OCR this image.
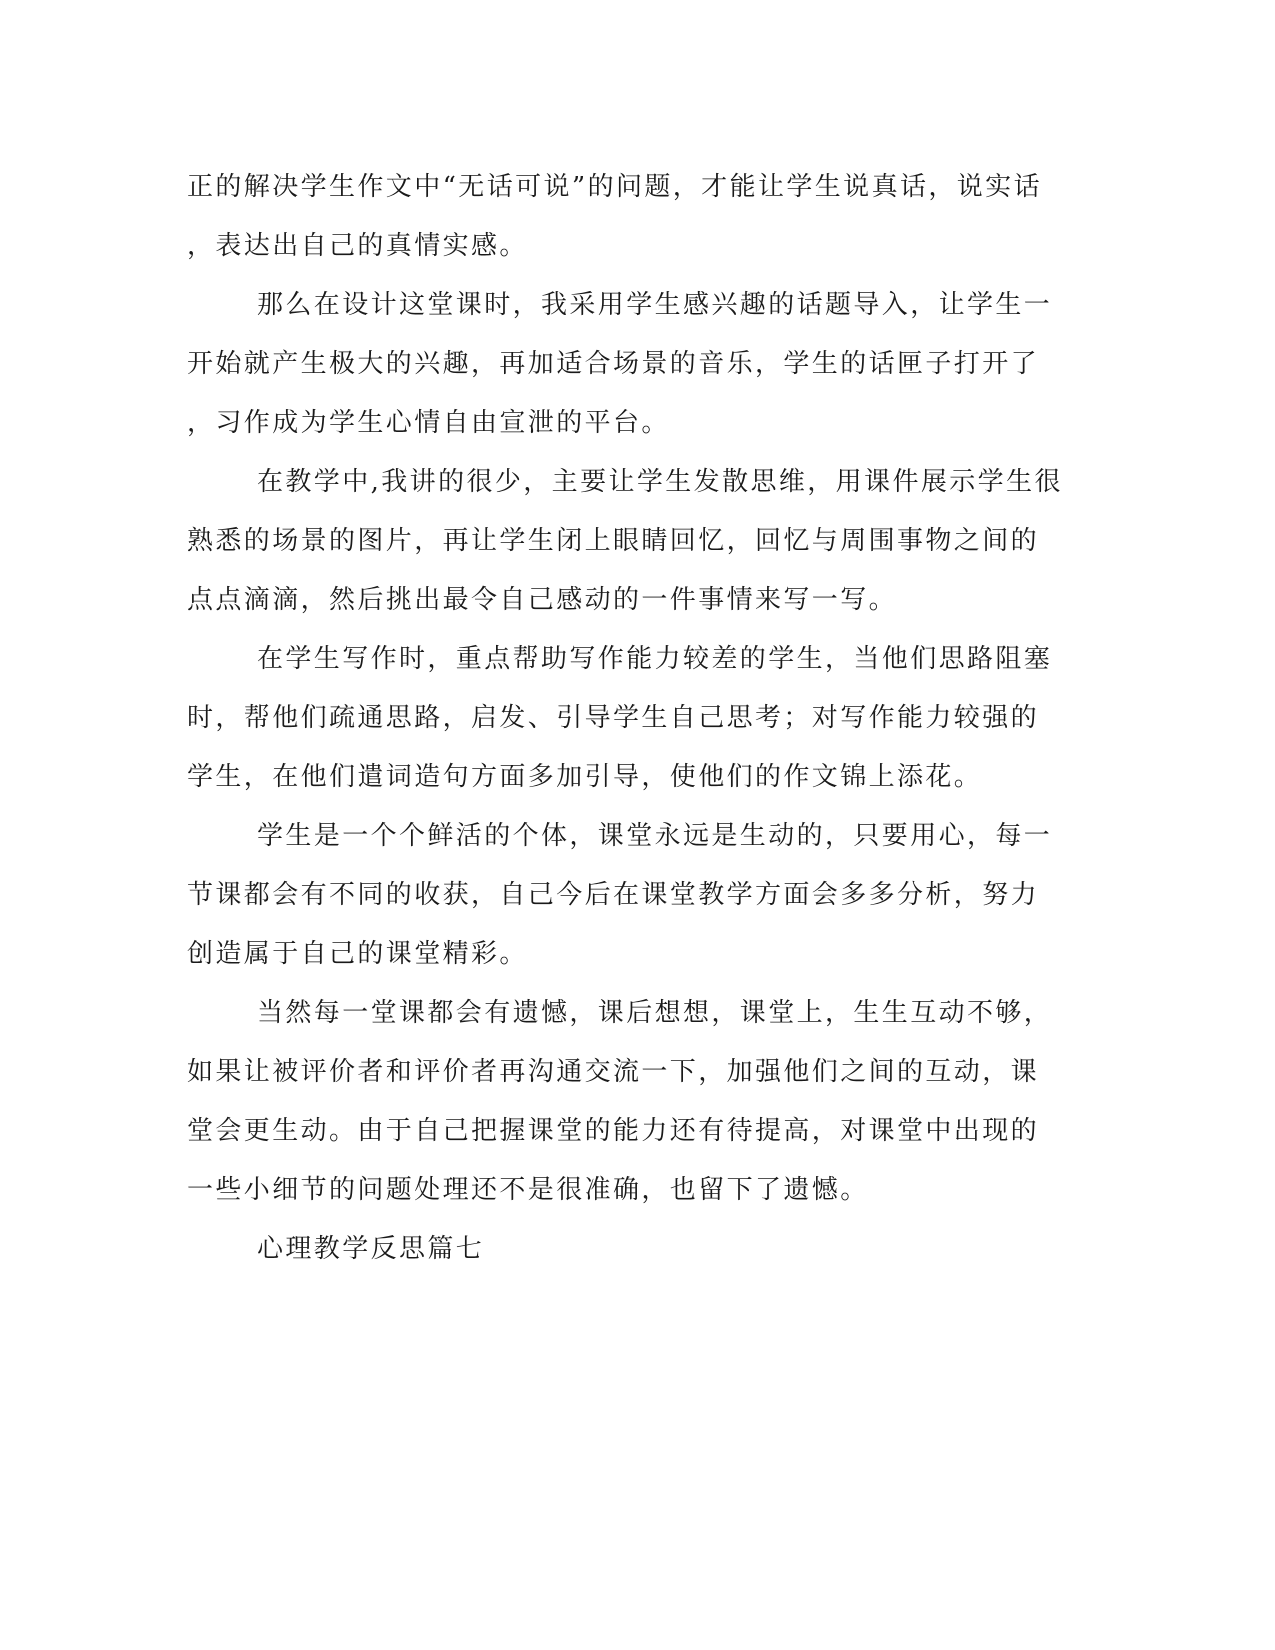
正的解决学生作文中“无话可说”的问题，才能让学生说真话，说实话
，表达出自己的真情实感。
那么在设计这堂课时，我采用学生感兴趣的话题导入，让学生一
开始就产生极大的兴趣，再加适合场景的音乐，学生的话匣子打开了
，习作成为学生心情自由宣泄的平台。
在教学中,我讲的很少，主要让学生发散思维，用课件展示学生很
熟悉的场景的图片，再让学生闭上眼睛回忆，回忆与周围事物之间的
点点滴滴，然后挑出最令自己感动的一件事情来写一写。
在学生写作时，重点帮助写作能力较差的学生，当他们思路阻塞
时，帮他们疏通思路，启发、引导学生自己思考；对写作能力较强的
学生，在他们遣词造句方面多加引导，使他们的作文锦上添花。
学生是一个个鲜活的个体，课堂永远是生动的，只要用心，每一
节课都会有不同的收获，自己今后在课堂教学方面会多多分析，努力
创造属于自己的课堂精彩。
当然每一堂课都会有遗憾，课后想想，课堂上，生生互动不够，
如果让被评价者和评价者再沟通交流一下，加强他们之间的互动，课
堂会更生动。由于自己把握课堂的能力还有待提高，对课堂中出现的
一些小细节的问题处理还不是很准确，也留下了遗憾。
心理教学反思篇七
